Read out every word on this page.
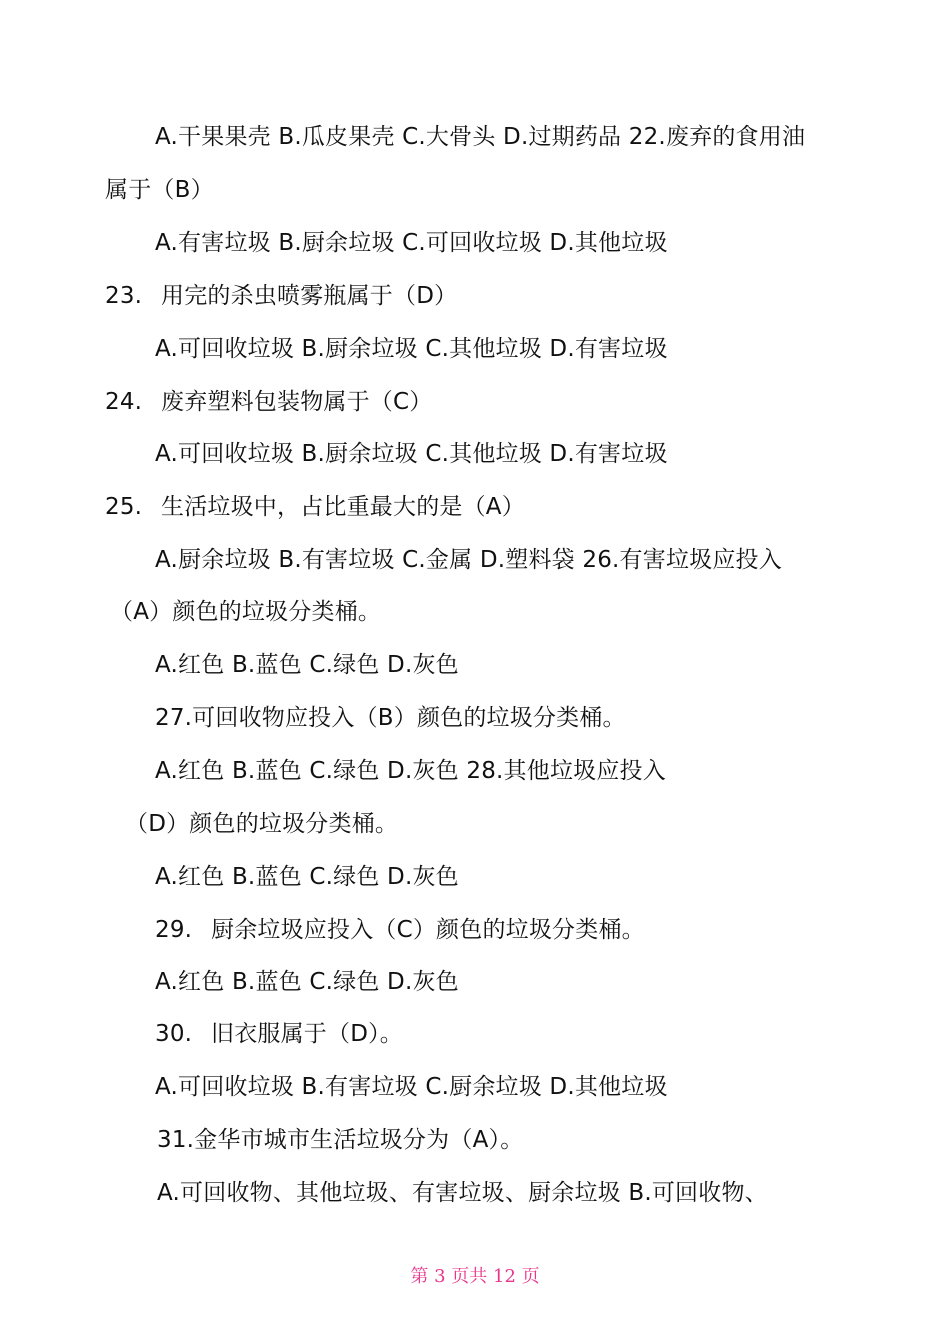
A.干果果壳 B.瓜皮果壳 C.大骨头 D.过期药品 22.废弃的食用油
属于（B）
A.有害垃圾 B.厨余垃圾 C.可回收垃圾 D.其他垃圾
23. 用完的杀虫喷雾瓶属于（D）
A.可回收垃圾 B.厨余垃圾 C.其他垃圾 D.有害垃圾
24. 废弃塑料包装物属于（C）
A.可回收垃圾 B.厨余垃圾 C.其他垃圾 D.有害垃圾
25. 生活垃圾中，占比重最大的是（A）
A.厨余垃圾 B.有害垃圾 C.金属 D.塑料袋 26.有害垃圾应投入
（A）颜色的垃圾分类桶。
A.红色 B.蓝色 C.绿色 D.灰色
27.可回收物应投入（B）颜色的垃圾分类桶。
A.红色 B.蓝色 C.绿色 D.灰色 28.其他垃圾应投入
（D）颜色的垃圾分类桶。
A.红色 B.蓝色 C.绿色 D.灰色
29. 厨余垃圾应投入（C）颜色的垃圾分类桶。
A.红色 B.蓝色 C.绿色 D.灰色
30. 旧衣服属于（D）。
A.可回收垃圾 B.有害垃圾 C.厨余垃圾 D.其他垃圾
31.金华市城市生活垃圾分为（A）。
A.可回收物、其他垃圾、有害垃圾、厨余垃圾 B.可回收物、
第 3 页共 12 页
